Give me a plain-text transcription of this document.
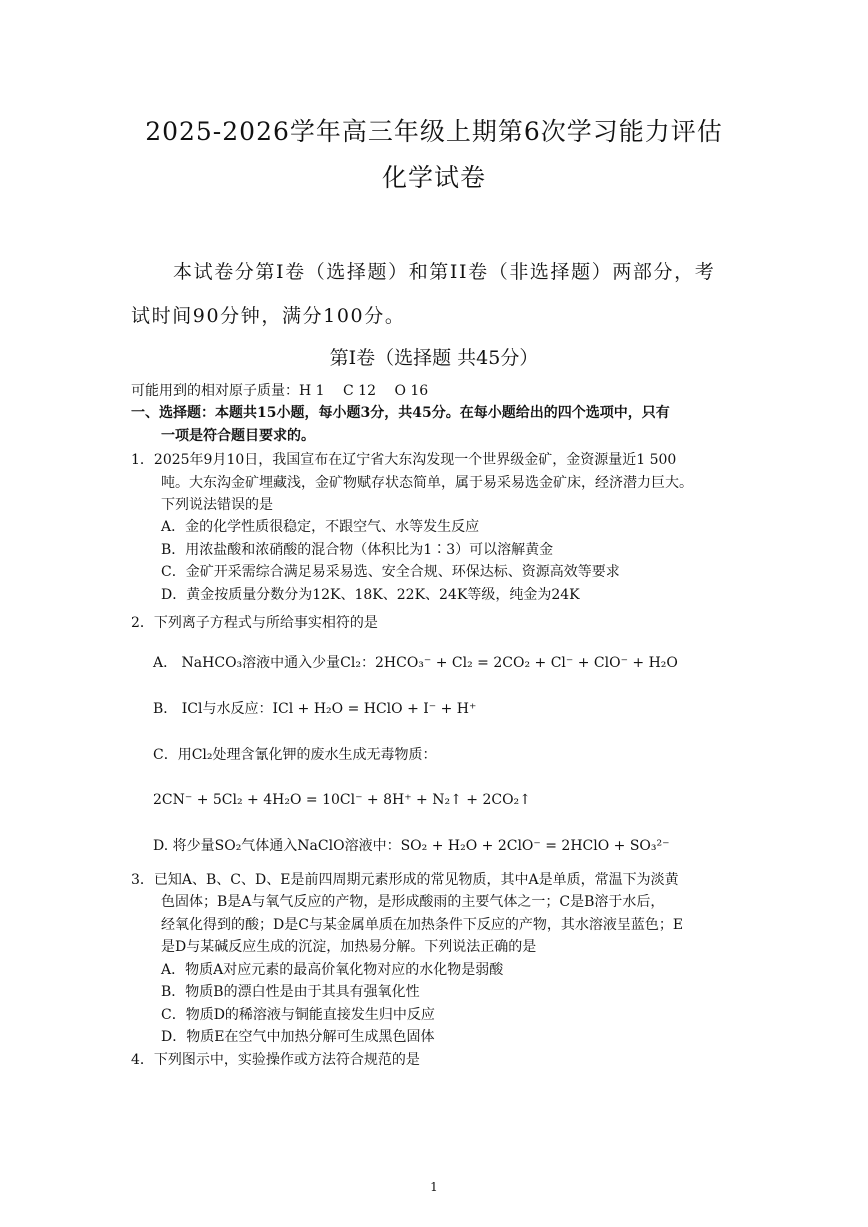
2025-2026学年高三年级上期第6次学习能力评估
化学试卷
本试卷分第Ⅰ卷（选择题）和第II卷（非选择题）两部分，考
试时间90分钟，满分100分。
第I卷（选择题 共45分）
可能用到的相对原子质量：H 1　 C 12　 O 16
一、选择题：本题共15小题，每小题3分，共45分。在每小题给出的四个选项中，只有
一项是符合题目要求的。
1．2025年9月10日，我国宣布在辽宁省大东沟发现一个世界级金矿，金资源量近1 500
吨。大东沟金矿埋藏浅，金矿物赋存状态简单，属于易采易选金矿床，经济潜力巨大。
下列说法错误的是
A．金的化学性质很稳定，不跟空气、水等发生反应
B．用浓盐酸和浓硝酸的混合物（体积比为1∶3）可以溶解黄金
C．金矿开采需综合满足易采易选、安全合规、环保达标、资源高效等要求
D．黄金按质量分数分为12K、18K、22K、24K等级，纯金为24K
2．下列离子方程式与所给事实相符的是
A． NaHCO₃溶液中通入少量Cl₂：2HCO₃⁻ + Cl₂ = 2CO₂ + Cl⁻ + ClO⁻ + H₂O
B． ICl与水反应：ICl + H₂O = HClO + I⁻ + H⁺
C．用Cl₂处理含氰化钾的废水生成无毒物质：
2CN⁻ + 5Cl₂ + 4H₂O = 10Cl⁻ + 8H⁺ + N₂↑ + 2CO₂↑
D. 将少量SO₂气体通入NaClO溶液中：SO₂ + H₂O + 2ClO⁻ = 2HClO + SO₃²⁻
3．已知A、B、C、D、E是前四周期元素形成的常见物质，其中A是单质，常温下为淡黄
色固体；B是A与氧气反应的产物，是形成酸雨的主要气体之一；C是B溶于水后，
经氧化得到的酸；D是C与某金属单质在加热条件下反应的产物，其水溶液呈蓝色；E
是D与某碱反应生成的沉淀，加热易分解。下列说法正确的是
A．物质A对应元素的最高价氧化物对应的水化物是弱酸
B．物质B的漂白性是由于其具有强氧化性
C．物质D的稀溶液与铜能直接发生归中反应
D．物质E在空气中加热分解可生成黑色固体
4．下列图示中，实验操作或方法符合规范的是
1
